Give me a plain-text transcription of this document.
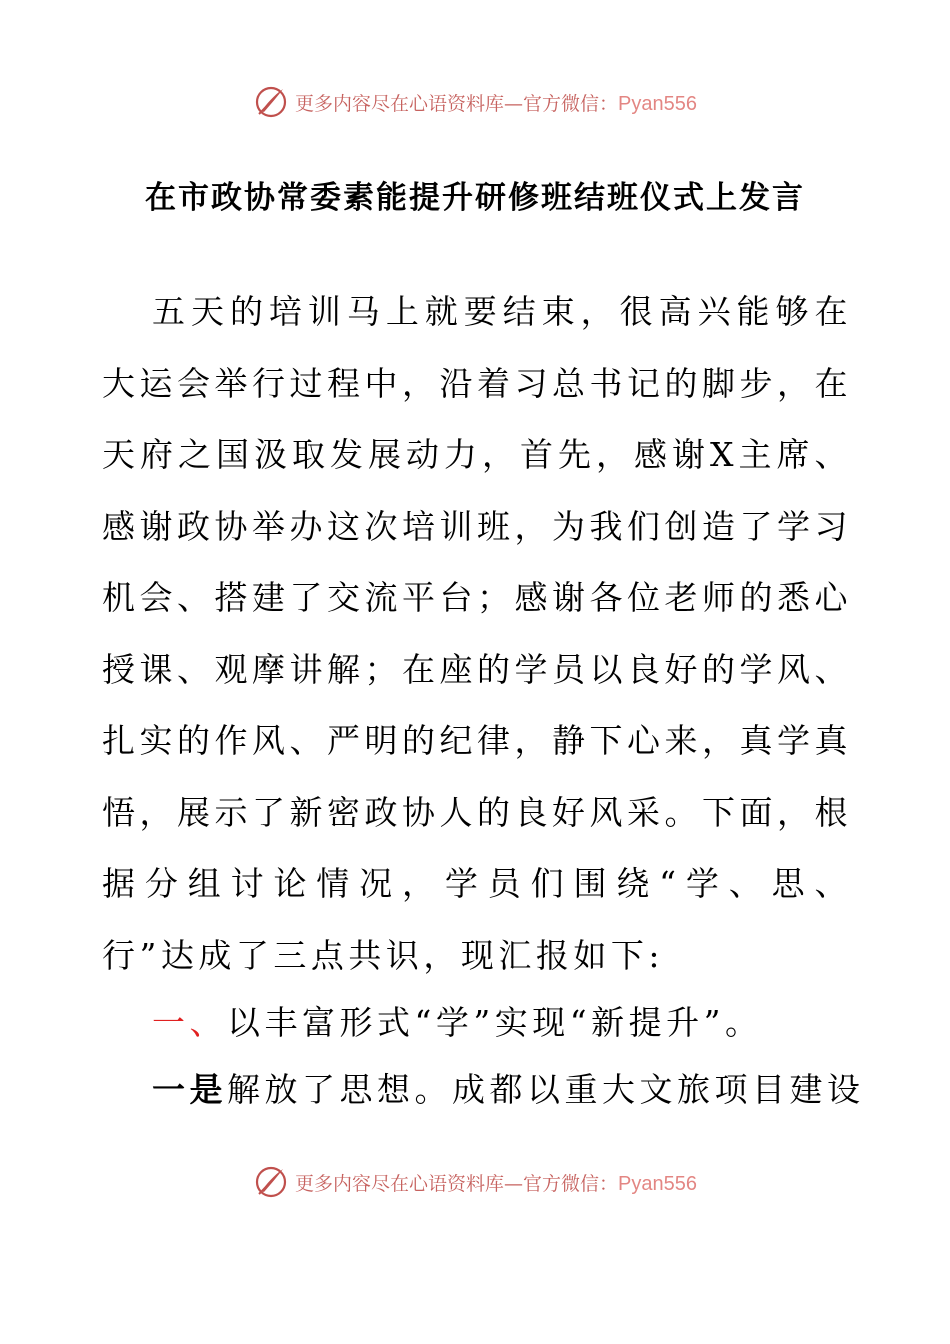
更多内容尽在心语资料库—官方微信：Pyan556
在市政协常委素能提升研修班结班仪式上发言

五天的培训马上就要结束，很高兴能够在大运会举行过程中，沿着习总书记的脚步，在天府之国汲取发展动力，首先，感谢X主席、感谢政协举办这次培训班，为我们创造了学习机会、搭建了交流平台；感谢各位老师的悉心授课、观摩讲解；在座的学员以良好的学风、扎实的作风、严明的纪律，静下心来，真学真悟，展示了新密政协人的良好风采。下面，根据分组讨论情况，学员们围绕“学、思、行”达成了三点共识，现汇报如下:

一、以丰富形式“学”实现“新提升”。

一是解放了思想。成都以重大文旅项目建设

更多内容尽在心语资料库—官方微信：Pyan556
